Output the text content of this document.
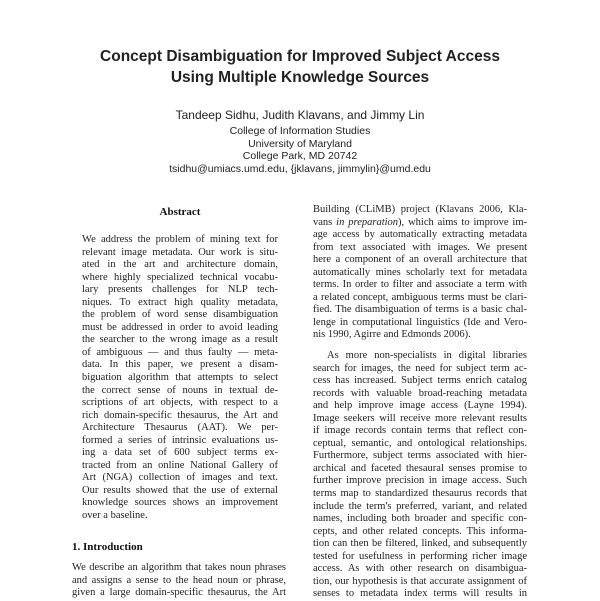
Concept Disambiguation for Improved Subject Access
Using Multiple Knowledge Sources
Tandeep Sidhu, Judith Klavans, and Jimmy Lin
College of Information Studies
University of Maryland
College Park, MD 20742
tsidhu@umiacs.umd.edu, {jklavans, jimmylin}@umd.edu
Abstract
We address the problem of mining text for
relevant image metadata. Our work is situ-
ated in the art and architecture domain,
where highly specialized technical vocabu-
lary presents challenges for NLP tech-
niques. To extract high quality metadata,
the problem of word sense disambiguation
must be addressed in order to avoid leading
the searcher to the wrong image as a result
of ambiguous — and thus faulty — meta-
data. In this paper, we present a disam-
biguation algorithm that attempts to select
the correct sense of nouns in textual de-
scriptions of art objects, with respect to a
rich domain-specific thesaurus, the Art and
Architecture Thesaurus (AAT). We per-
formed a series of intrinsic evaluations us-
ing a data set of 600 subject terms ex-
tracted from an online National Gallery of
Art (NGA) collection of images and text.
Our results showed that the use of external
knowledge sources shows an improvement
over a baseline.
1. Introduction
We describe an algorithm that takes noun phrases
and assigns a sense to the head noun or phrase,
given a large domain-specific thesaurus, the Art
Building (CLiMB) project (Klavans 2006, Kla-
vans in preparation), which aims to improve im-
age access by automatically extracting metadata
from text associated with images. We present
here a component of an overall architecture that
automatically mines scholarly text for metadata
terms. In order to filter and associate a term with
a related concept, ambiguous terms must be clari-
fied. The disambiguation of terms is a basic chal-
lenge in computational linguistics (Ide and Vero-
nis 1990, Agirre and Edmonds 2006).
As more non-specialists in digital libraries
search for images, the need for subject term ac-
cess has increased. Subject terms enrich catalog
records with valuable broad-reaching metadata
and help improve image access (Layne 1994).
Image seekers will receive more relevant results
if image records contain terms that reflect con-
ceptual, semantic, and ontological relationships.
Furthermore, subject terms associated with hier-
archical and faceted thesaural senses promise to
further improve precision in image access. Such
terms map to standardized thesaurus records that
include the term's preferred, variant, and related
names, including both broader and specific con-
cepts, and other related concepts. This informa-
tion can then be filtered, linked, and subsequently
tested for usefulness in performing richer image
access. As with other research on disambigua-
tion, our hypothesis is that accurate assignment of
senses to metadata index terms will results in
